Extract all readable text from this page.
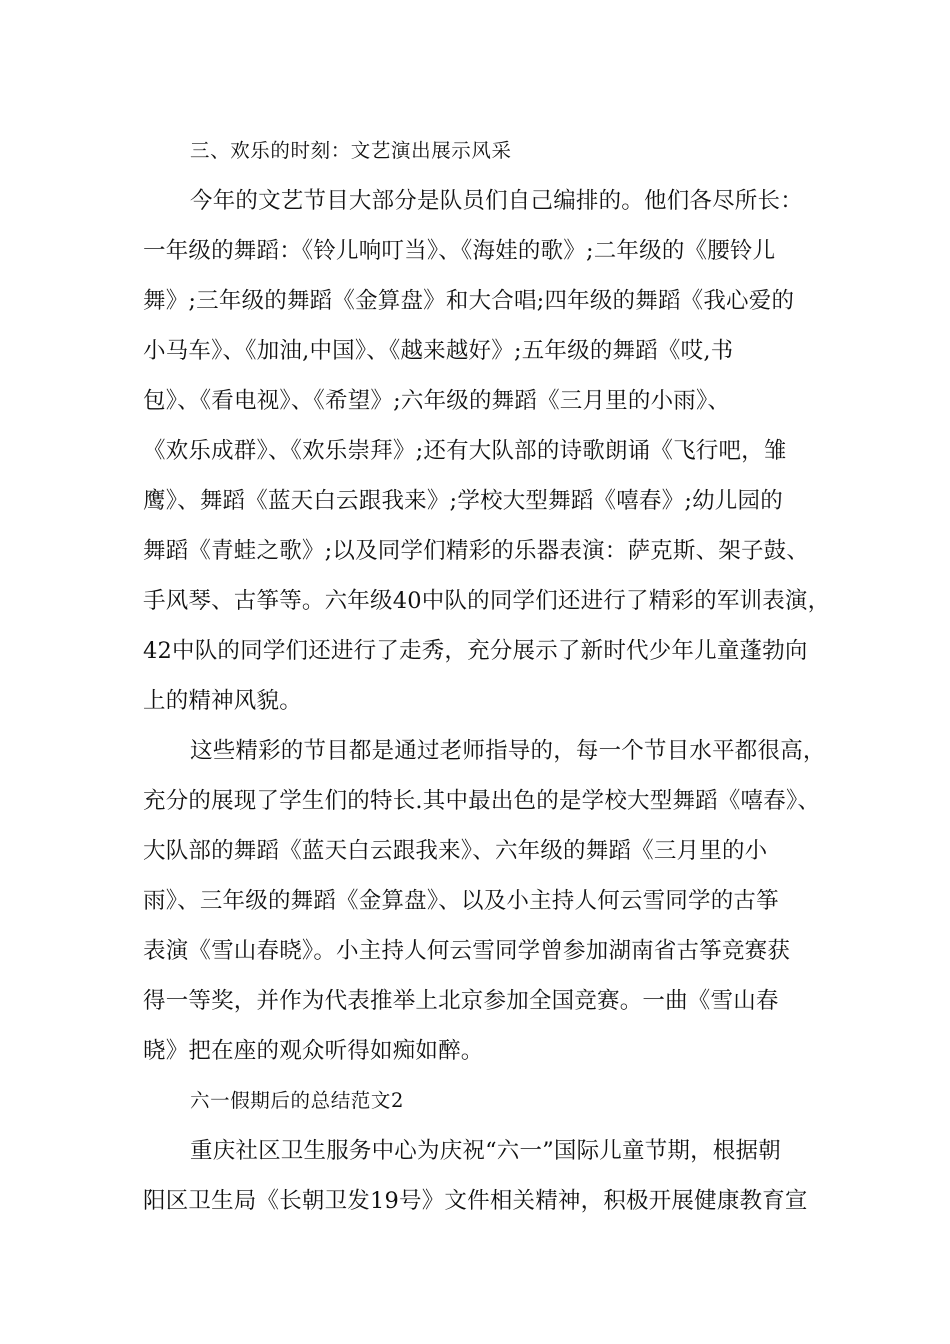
三、欢乐的时刻：文艺演出展示风采
今年的文艺节目大部分是队员们自己编排的。他们各尽所长：
一年级的舞蹈：《铃儿响叮当》、《海娃的歌》;二年级的《腰铃儿
舞》;三年级的舞蹈《金算盘》和大合唱;四年级的舞蹈《我心爱的
小马车》、《加油,中国》、《越来越好》;五年级的舞蹈《哎,书
包》、《看电视》、《希望》;六年级的舞蹈《三月里的小雨》、
《欢乐成群》、《欢乐崇拜》;还有大队部的诗歌朗诵《飞行吧，雏
鹰》、舞蹈《蓝天白云跟我来》;学校大型舞蹈《嘻春》;幼儿园的
舞蹈《青蛙之歌》;以及同学们精彩的乐器表演：萨克斯、架子鼓、
手风琴、古筝等。六年级40中队的同学们还进行了精彩的军训表演，
42中队的同学们还进行了走秀，充分展示了新时代少年儿童蓬勃向
上的精神风貌。
这些精彩的节目都是通过老师指导的，每一个节目水平都很高，
充分的展现了学生们的特长.其中最出色的是学校大型舞蹈《嘻春》、
大队部的舞蹈《蓝天白云跟我来》、六年级的舞蹈《三月里的小
雨》、三年级的舞蹈《金算盘》、以及小主持人何云雪同学的古筝
表演《雪山春晓》。小主持人何云雪同学曾参加湖南省古筝竞赛获
得一等奖，并作为代表推举上北京参加全国竞赛。一曲《雪山春
晓》把在座的观众听得如痴如醉。
六一假期后的总结范文2
重庆社区卫生服务中心为庆祝“六一”国际儿童节期，根据朝
阳区卫生局《长朝卫发19号》文件相关精神，积极开展健康教育宣
